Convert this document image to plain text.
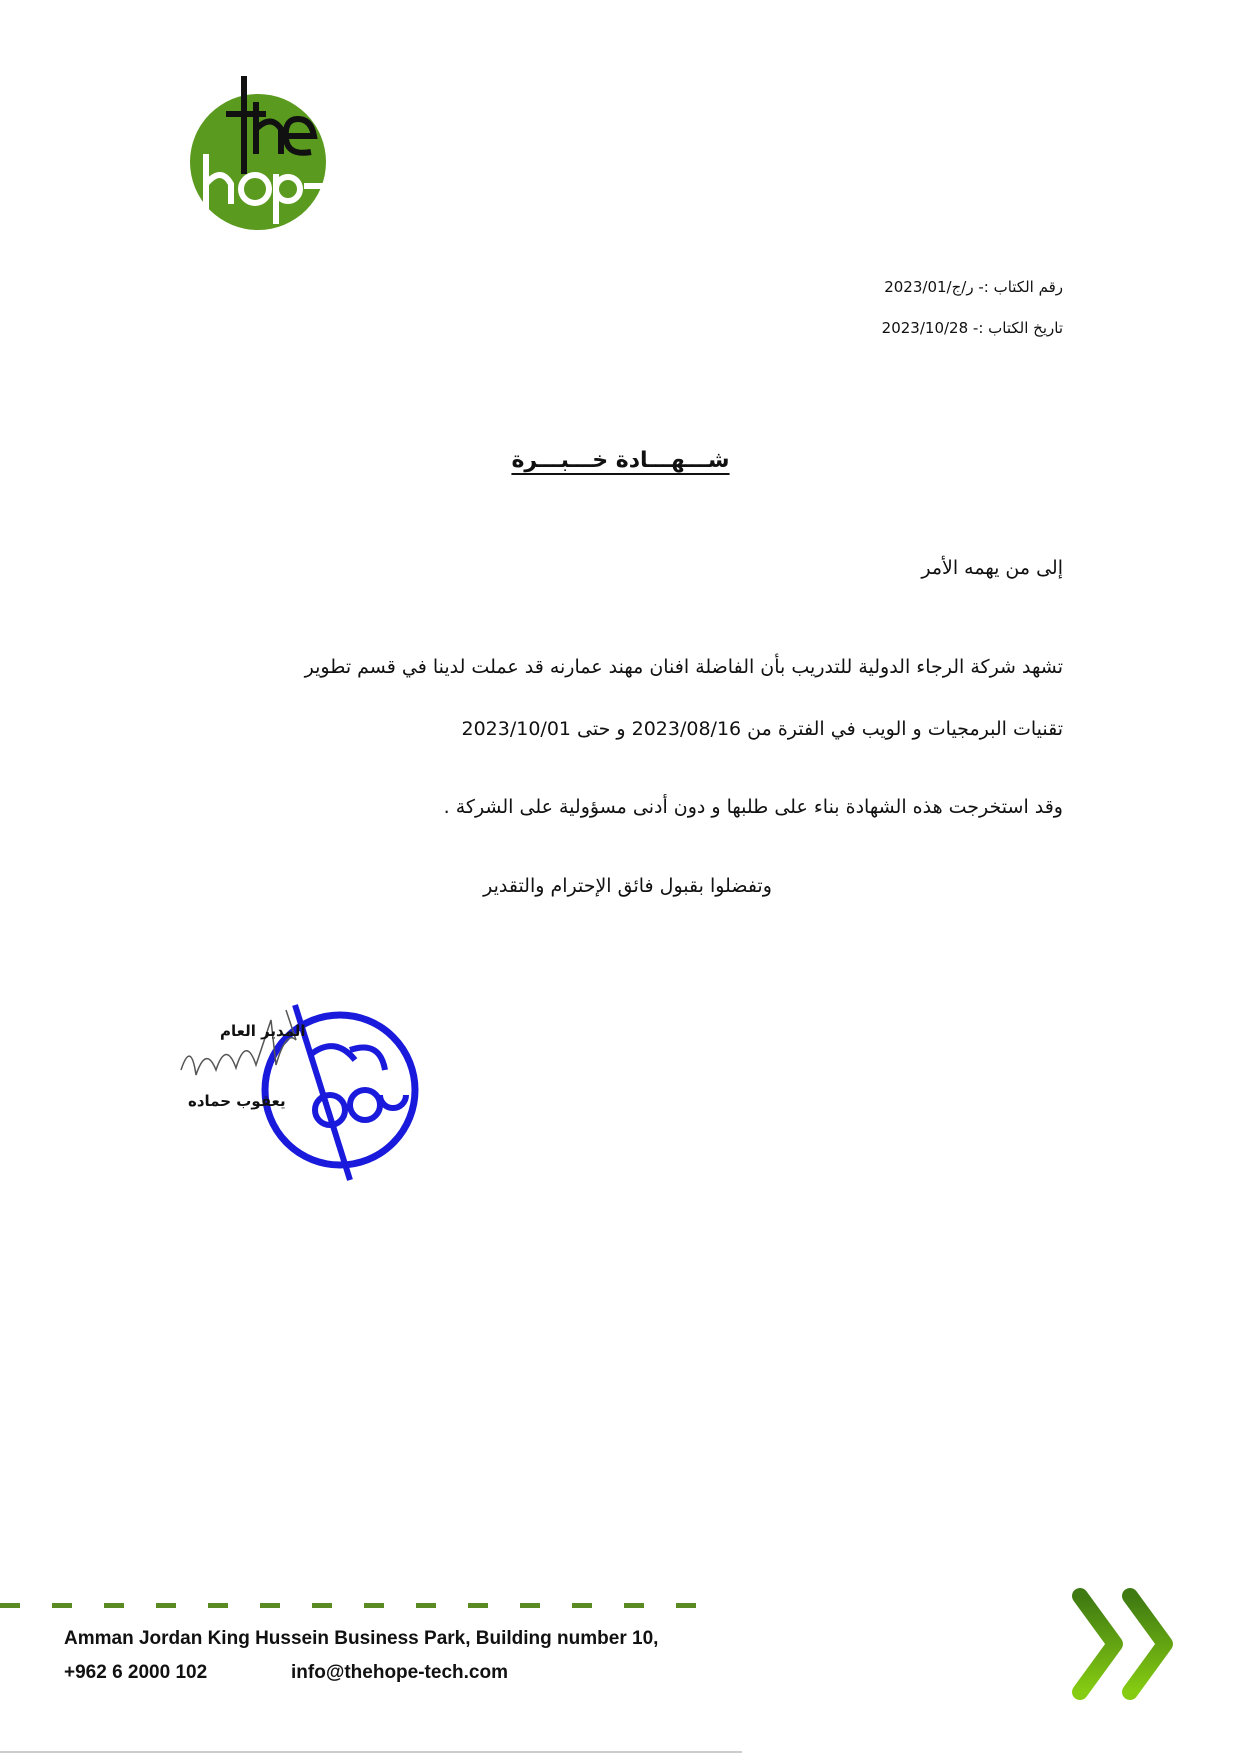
رقم الكتاب :- ر/ج/2023/01
تاريخ الكتاب :- 2023/10/28
شـــهـــادة خـــبـــرة
إلى من يهمه الأمر
تشهد شركة الرجاء الدولية للتدريب بأن الفاضلة افنان مهند عمارنه قد عملت لدينا في قسم تطوير
تقنيات البرمجيات و الويب في الفترة من 2023/08/16 و حتى 2023/10/01
وقد استخرجت هذه الشهادة بناء على طلبها و دون أدنى مسؤولية على الشركة .
وتفضلوا بقبول فائق الإحترام والتقدير
المدير العام
يعقوب حماده
Amman Jordan King Hussein Business Park, Building number 10,
+962 6 2000 102	info@thehope-tech.com
